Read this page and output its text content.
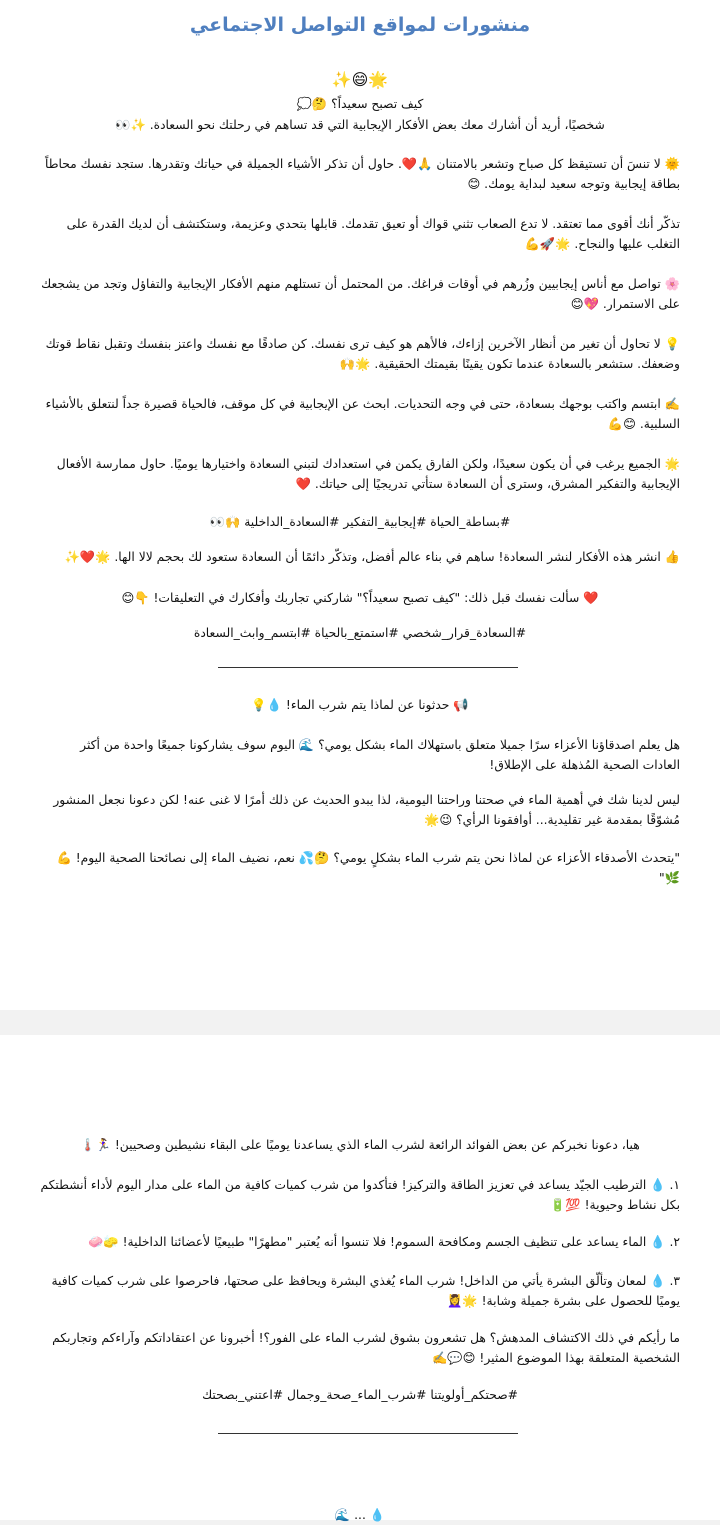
منشورات لمواقع التواصل الاجتماعي

🌟😄✨

كيف تصبح سعيداً؟ 🤔💭

شخصيًا، أريد أن أشارك معك بعض الأفكار الإيجابية التي قد تساهم في رحلتك نحو السعادة. ✨👀

🌞 لا تنسَ أن تستيقظ كل صباح وتشعر بالامتنان 🙏❤️. حاول أن تذكر الأشياء الجميلة في حياتك وتقدرها. ستجد نفسك محاطاً بطاقة إيجابية وتوجه سعيد لبداية يومك. 😊

تذكّر أنك أقوى مما تعتقد. لا تدع الصعاب تثني قواك أو تعيق تقدمك. قابلها بتحدي وعزيمة، وستكتشف أن لديك القدرة على التغلب عليها والنجاح. 🌟🚀💪

🌸 تواصل مع أناس إيجابيين وزُرهم في أوقات فراغك. من المحتمل أن تستلهم منهم الأفكار الإيجابية والتفاؤل وتجد من يشجعك على الاستمرار. 💖😊

💡 لا تحاول أن تغير من أنظار الآخرين إزاءك، فالأهم هو كيف ترى نفسك. كن صادقًا مع نفسك واعتز بنفسك وتقبل نقاط قوتك وضعفك. ستشعر بالسعادة عندما تكون يقينًا بقيمتك الحقيقية. 🌟🙌

✍️ ابتسم واكتب بوجهك بسعادة، حتى في وجه التحديات. ابحث عن الإيجابية في كل موقف، فالحياة قصيرة جداً لنتعلق بالأشياء السلبية. 😊💪

🌟 الجميع يرغب في أن يكون سعيدًا، ولكن الفارق يكمن في استعدادك لتبني السعادة واختيارها يوميًا. حاول ممارسة الأفعال الإيجابية والتفكير المشرق، وسترى أن السعادة ستأتي تدريجيًا إلى حياتك. ❤️

#بساطة_الحياة #إيجابية_التفكير #السعادة_الداخلية 🙌👀

👍 انشر هذه الأفكار لنشر السعادة! ساهم في بناء عالم أفضل، وتذكّر دائمًا أن السعادة ستعود لك بحجم ﻻﻻ الها. 🌟❤️✨

❤️ سألت نفسك قبل ذلك: "كيف تصبح سعيداً؟" شاركني تجاربك وأفكارك في التعليقات! 👇😊

#السعادة_قرار_شخصي #استمتع_بالحياة #ابتسم_وابث_السعادة

📢 حدثونا عن لماذا يتم شرب الماء! 💧💡

هل يعلم اصدقاؤنا الأعزاء سرًا جميلا متعلق باستهلاك الماء بشكل يومي؟ 🌊 اليوم سوف يشاركونا جميعًا واحدة من أكثر العادات الصحية المُذهلة على الإطلاق!

ليس لدينا شك في أهمية الماء في صحتنا وراحتنا اليومية، لذا يبدو الحديث عن ذلك أمرًا لا غنى عنه! لكن دعونا نجعل المنشور مُشوّقًا بمقدمة غير تقليدية... أوافقونا الرأي؟ 😉🌟

"يتحدث الأصدقاء الأعزاء عن لماذا نحن يتم شرب الماء بشكلٍ يومي؟ 🤔💦 نعم، نضيف الماء إلى نصائحنا الصحية اليوم! 💪🌿"

هيا، دعونا نخبركم عن بعض الفوائد الرائعة لشرب الماء الذي يساعدنا يوميًا على البقاء نشيطين وصحيين! 🏃‍♀️🌡️

١. 💧 الترطيب الجيّد يساعد في تعزيز الطاقة والتركيز! فتأكدوا من شرب كميات كافية من الماء على مدار اليوم لأداء أنشطتكم بكل نشاط وحيوية! 💯🔋

٢. 💧 الماء يساعد على تنظيف الجسم ومكافحة السموم! فلا تنسوا أنه يُعتبر "مطهرًا" طبيعيًا لأعضائنا الداخلية! 🧽🧼

٣. 💧 لمعان وتألّق البشرة يأتي من الداخل! شرب الماء يُغذي البشرة ويحافظ على صحتها، فاحرصوا على شرب كميات كافية يوميًا للحصول على بشرة جميلة وشابة! 🌟💆‍♀️

ما رأيكم في ذلك الاكتشاف المدهش؟ هل تشعرون بشوق لشرب الماء على الفور؟! أخبرونا عن اعتقاداتكم وآراءكم وتجاربكم الشخصية المتعلقة بهذا الموضوع المثير! 😊💬✍️

#صحتكم_أولويتنا #شرب_الماء_صحة_وجمال #اعتني_بصحتك

💧 ... 🌊
